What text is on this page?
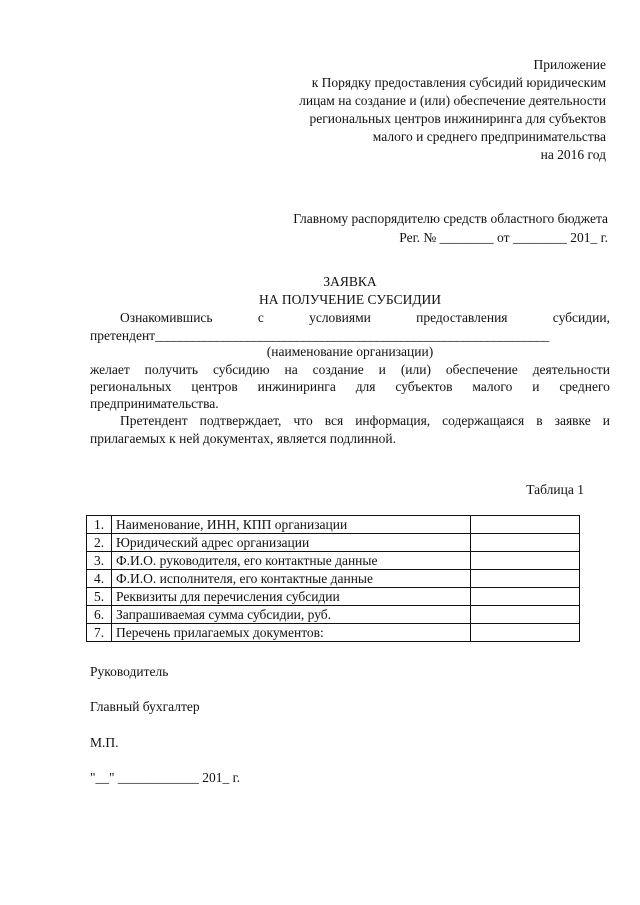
Приложение
к Порядку предоставления субсидий юридическим
лицам на создание и (или) обеспечение деятельности
региональных центров инжиниринга для субъектов
малого и среднего предпринимательства
на 2016 год
Главному распорядителю средств областного бюджета
Рег. № ________ от ________ 201_ г.
ЗАЯВКА
НА ПОЛУЧЕНИЕ СУБСИДИИ
Ознакомившись	с	условиями	предоставления	субсидии,
претендент________________________________________________________________
(наименование организации)
желает получить субсидию на создание и (или) обеспечение деятельности
региональных центров инжиниринга для субъектов малого и среднего
предпринимательства.
Претендент подтверждает, что вся информация, содержащаяся в заявке и
прилагаемых к ней документах, является подлинной.
Таблица 1
1.	Наименование, ИНН, КПП организации	
2.	Юридический адрес организации	
3.	Ф.И.О. руководителя, его контактные данные	
4.	Ф.И.О. исполнителя, его контактные данные	
5.	Реквизиты для перечисления субсидии	
6.	Запрашиваемая сумма субсидии, руб.	
7.	Перечень прилагаемых документов:	
Руководитель
Главный бухгалтер
М.П.
"__" ____________ 201_ г.
